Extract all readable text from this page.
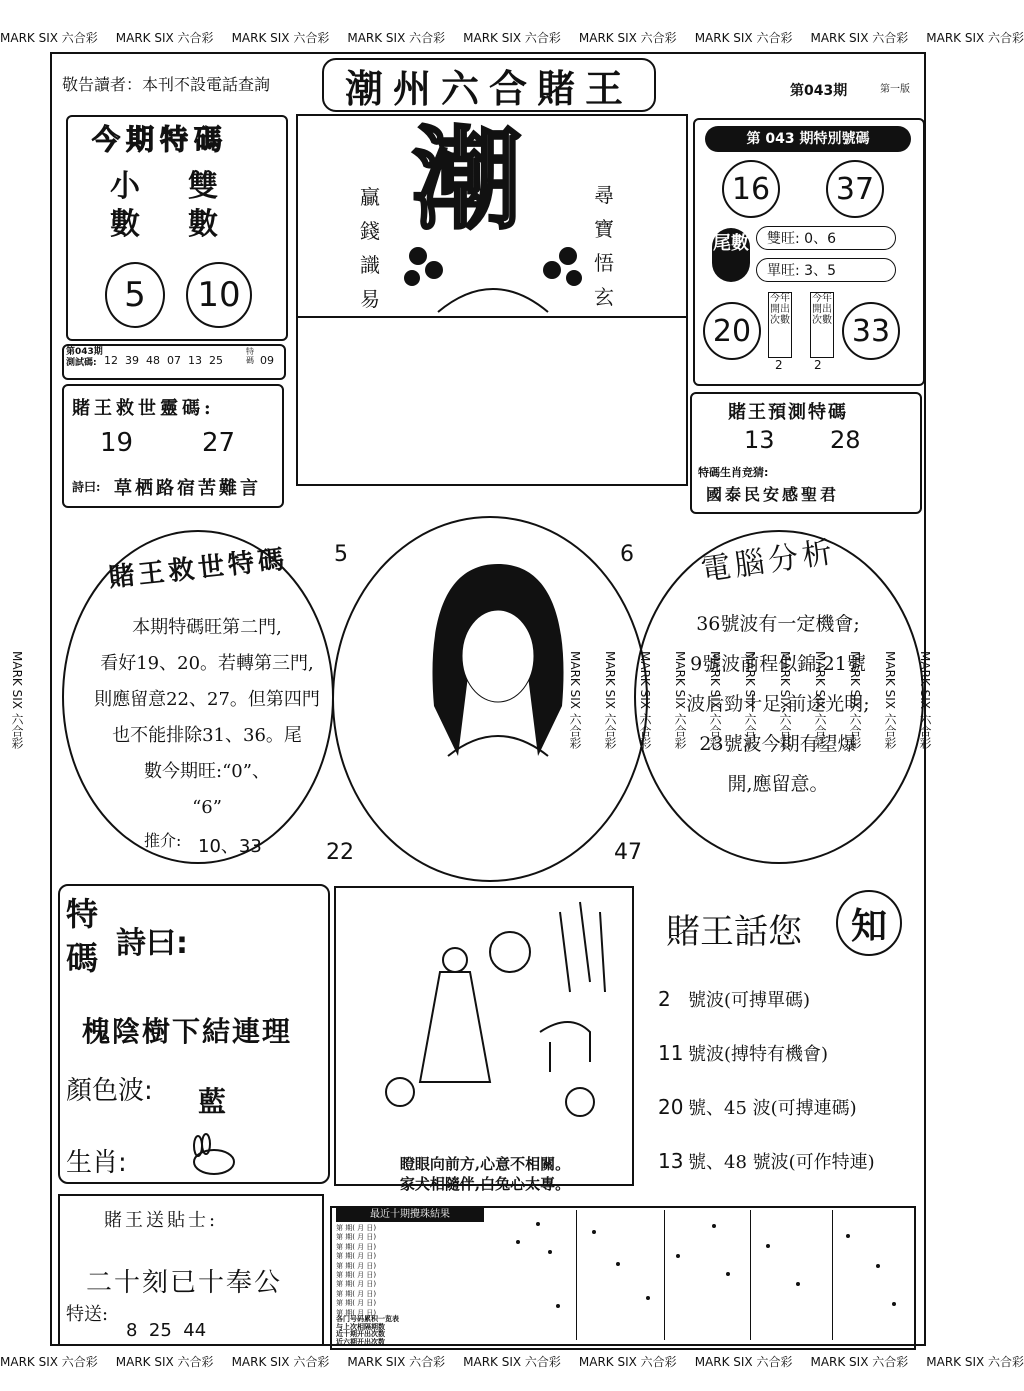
MARK SIX 六合彩 MARK SIX 六合彩 MARK SIX 六合彩 MARK SIX 六合彩 MARK SIX 六合彩 MARK SIX 六合彩 MARK SIX 六合彩 MARK SIX 六合彩 MARK SIX 六合彩
MARK SIX 六合彩 MARK SIX 六合彩 MARK SIX 六合彩 MARK SIX 六合彩 MARK SIX 六合彩 MARK SIX 六合彩 MARK SIX 六合彩 MARK SIX 六合彩 MARK SIX 六合彩
MARK SIX 六合彩	MARK SIX 六合彩
MARK SIX 六合彩
MARK SIX 六合彩
MARK SIX 六合彩
MARK SIX 六合彩
MARK SIX 六合彩
MARK SIX 六合彩
MARK SIX 六合彩
MARK SIX 六合彩
MARK SIX 六合彩
MARK SIX 六合彩
敬告讀者：本刊不設電話查詢 潮州六合賭王	第043期	第一版
今期特碼
小數
雙數
5	10
第043期
測試碼: 12  39  48  07  13  25
特碼 09
潮
贏錢識易
尋寶悟玄
第 043 期特別號碼
16	37
尾數	雙旺: 0、6
單旺: 3、5
20	33
今年開出次數
今年開出次數
2	2
賭王救世靈碼:
19	27
詩曰: 草栖路宿苦難言
賭王預測特碼
13 28
特碼生肖竞猜:
國泰民安感聖君
賭王救世特碼
本期特碼旺第二門,
看好19、20。若轉第三門,
則應留意22、27。但第四門
也不能排除31、36。尾
數今期旺:“0”、
“6”
推介: 10、33
5	6
22	47
電腦分析
36號波有一定機會;
9號波前程似錦;21號
波后勁十足,前途光明;
23號波今期有望爆
開,應留意。
特碼 詩曰:
槐陰樹下結連理
顏色波: 藍
生肖:	瞪眼向前方,心意不相關。
家犬相隨伴,白兔心太專。
賭王話您 知
2 號波(可搏單碼)
11 號波(搏特有機會)
20 號、45 波(可搏連碼)
13 號、48 號波(可作特連)
賭王送貼士:
二十刻已十奉公
特送:
8  25  44
最近十期攪珠結果
第 期( 月 日)
第 期( 月 日)
第 期( 月 日)
第 期( 月 日)
第 期( 月 日)
第 期( 月 日)
第 期( 月 日)
第 期( 月 日)
第 期( 月 日)
第 期( 月 日)
各门号码累积一览表
与上次相隔期数
近十期开出次数
近六期开出次数
